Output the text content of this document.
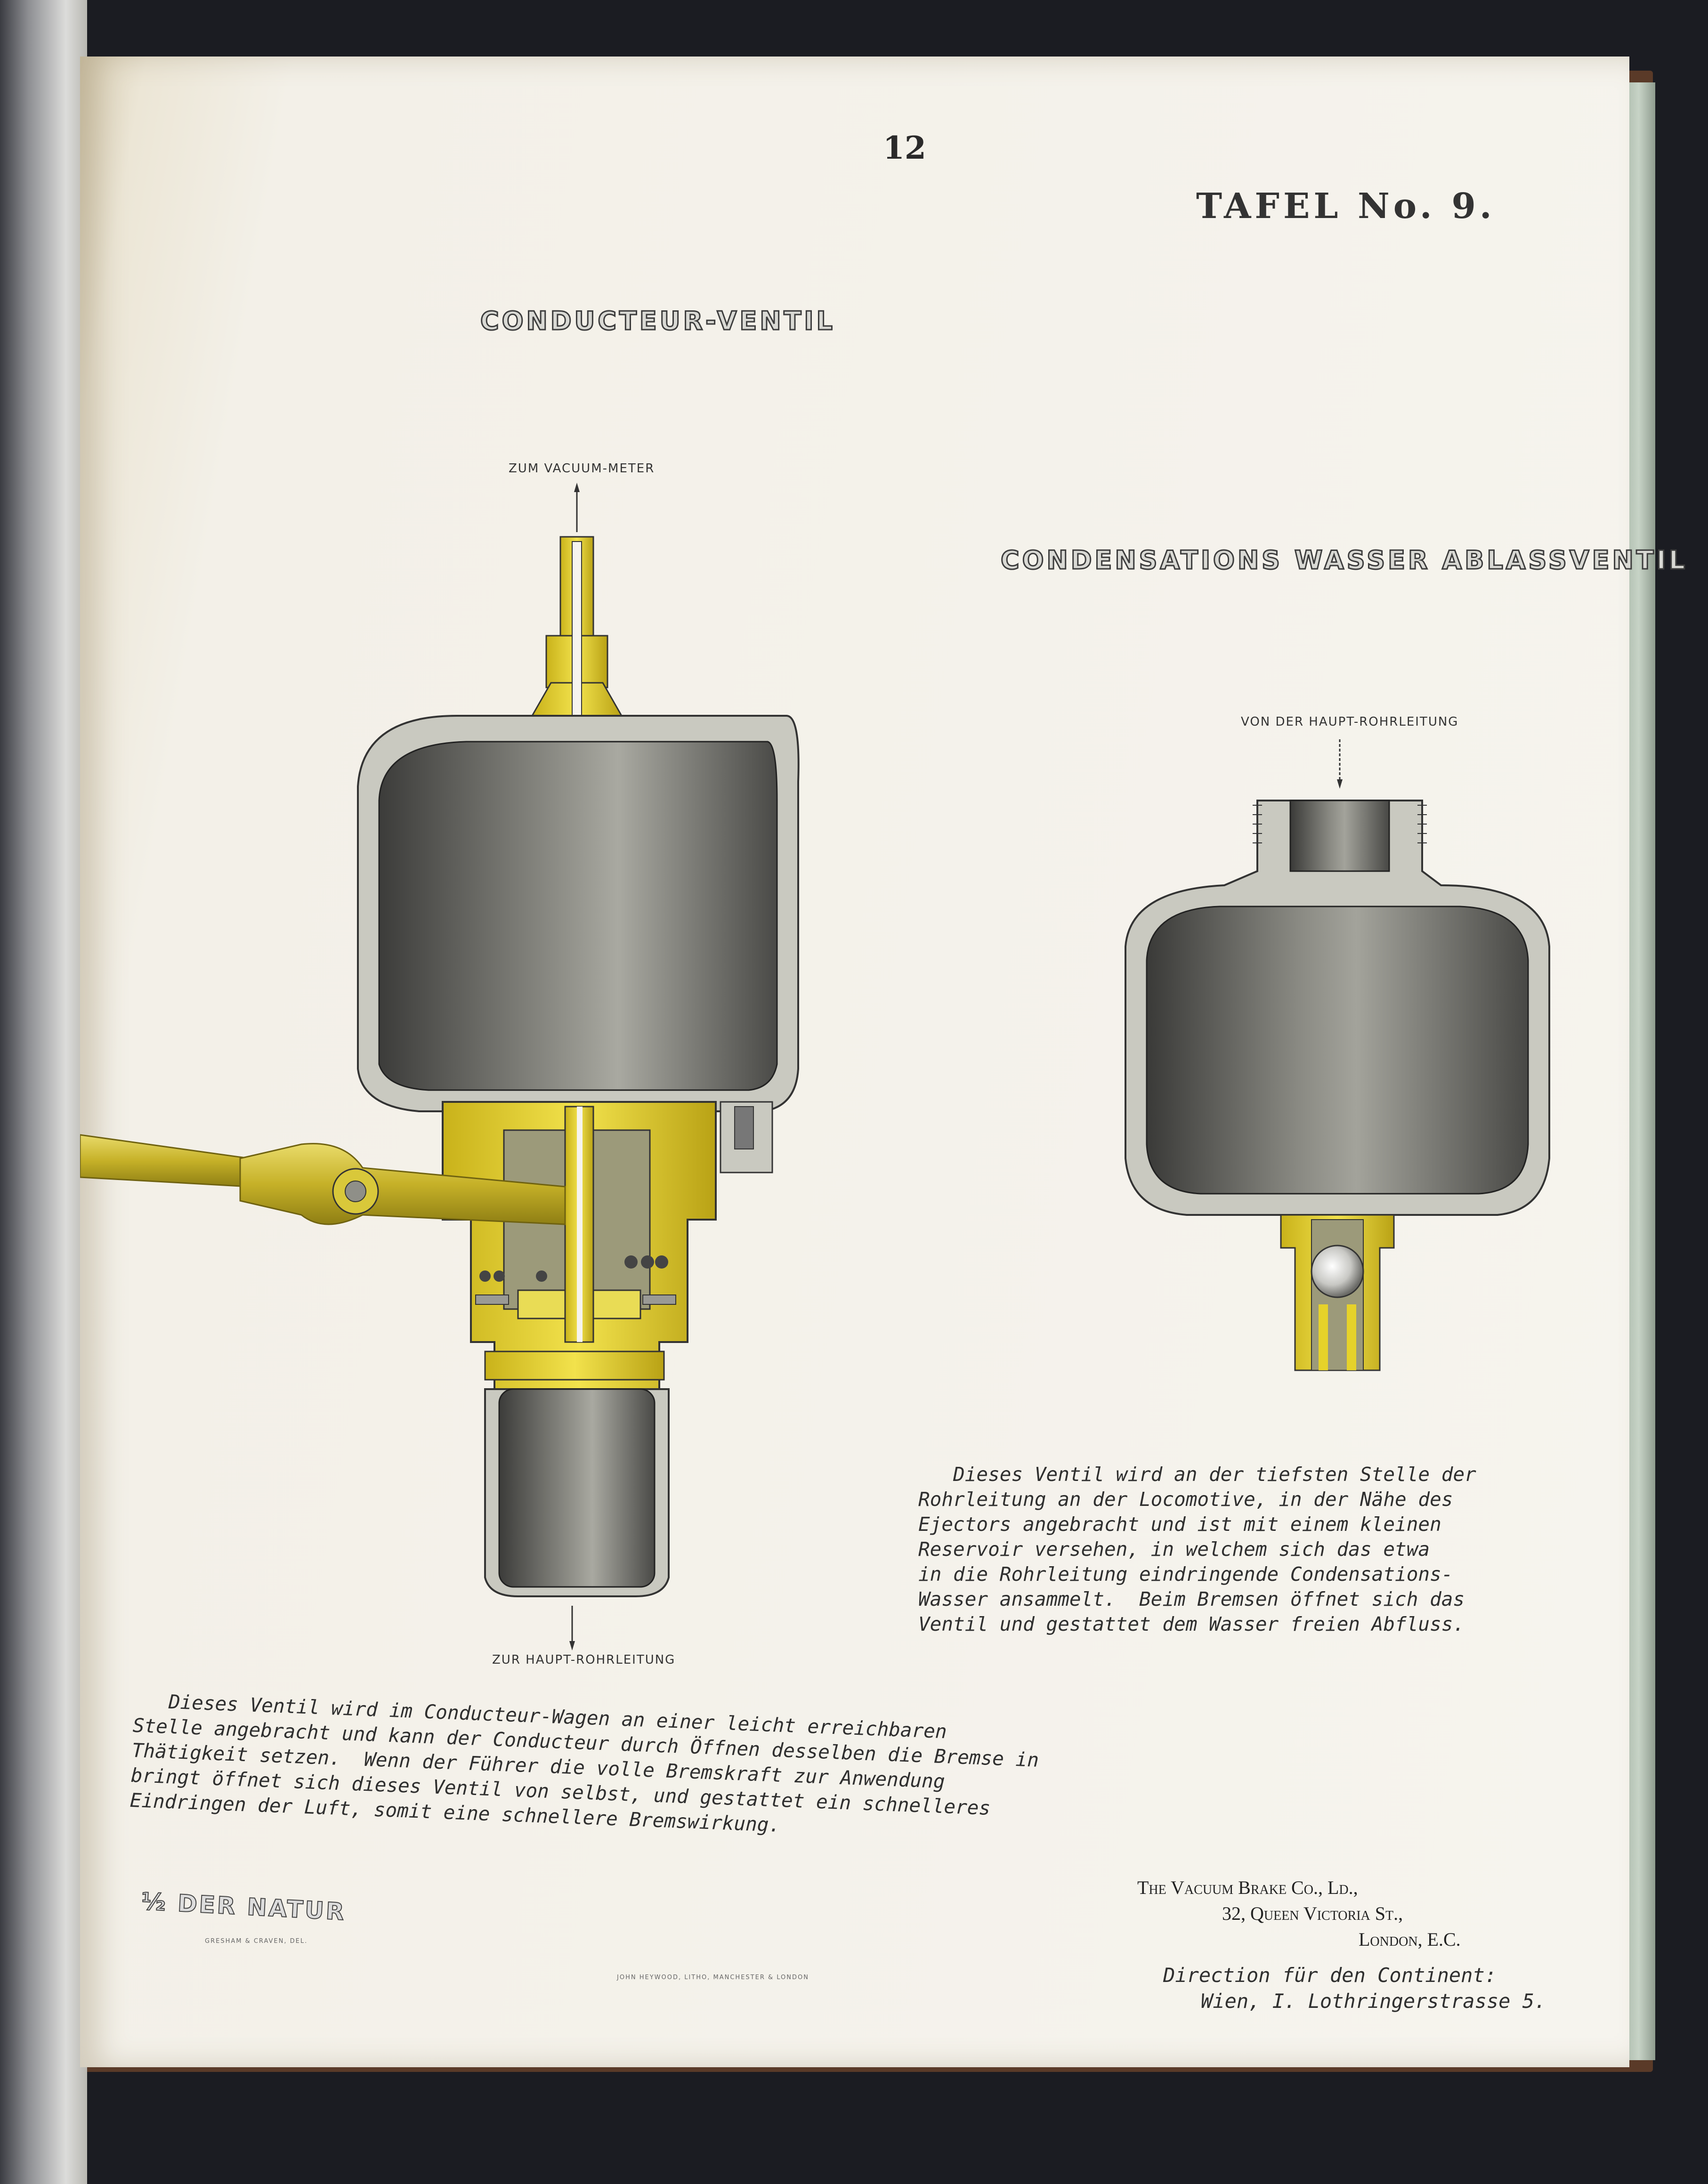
12

TAFEL No. 9.

CONDUCTEUR-VENTIL

CONDENSATIONS WASSER ABLASSVENTIL

ZUM VACUUM-METER

ZUR HAUPT-ROHRLEITUNG

VON DER HAUPT-ROHRLEITUNG

Dieses Ventil wird an der tiefsten Stelle der
Rohrleitung an der Locomotive, in der Nähe des
Ejectors angebracht und ist mit einem kleinen
Reservoir versehen, in welchem sich das etwa
in die Rohrleitung eindringende Condensations-
Wasser ansammelt.  Beim Bremsen öffnet sich das
Ventil und gestattet dem Wasser freien Abfluss.

Dieses Ventil wird im Conducteur-Wagen an einer leicht erreichbaren
Stelle angebracht und kann der Conducteur durch Öffnen desselben die Bremse in
Thätigkeit setzen.  Wenn der Führer die volle Bremskraft zur Anwendung
bringt öffnet sich dieses Ventil von selbst, und gestattet ein schnelleres
Eindringen der Luft, somit eine schnellere Bremswirkung.

½ DER NATUR

GRESHAM & CRAVEN, DEL.

JOHN HEYWOOD, LITHO, MANCHESTER & LONDON

The Vacuum Brake Co., Ld.,

32, Queen Victoria St.,

London, E.C.

Direction für den Continent:

Wien, I. Lothringerstrasse 5.
